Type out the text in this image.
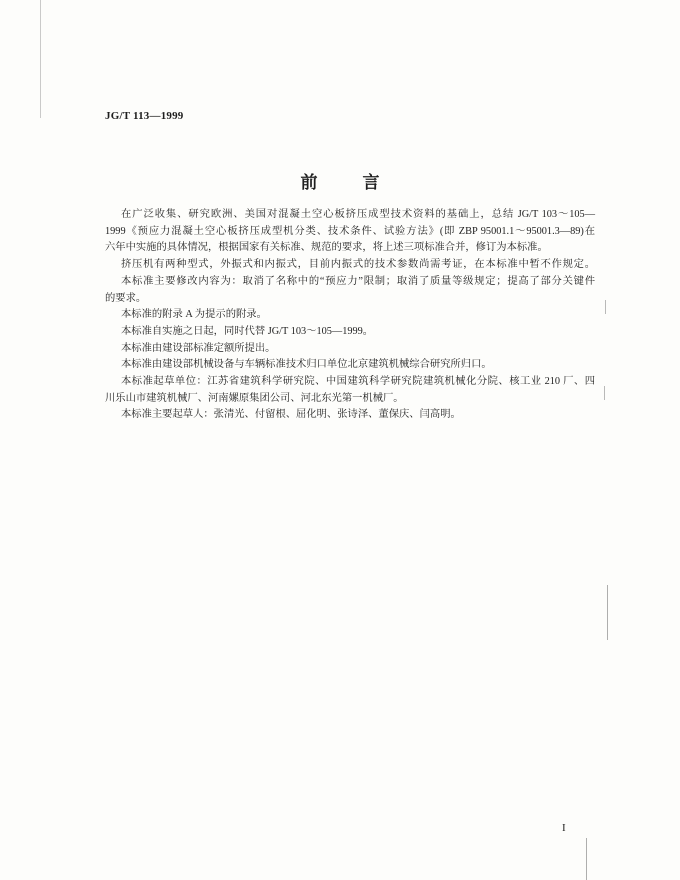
JG/T 113—1999
前　言
在广泛收集、研究欧洲、美国对混凝土空心板挤压成型技术资料的基础上，总结 JG/T 103～105—
1999《预应力混凝土空心板挤压成型机分类、技术条件、试验方法》(即 ZBP 95001.1～95001.3—89)在
六年中实施的具体情况，根据国家有关标准、规范的要求，将上述三项标准合并，修订为本标准。
挤压机有两种型式，外振式和内振式，目前内振式的技术参数尚需考证，在本标准中暂不作规定。
本标准主要修改内容为：取消了名称中的“预应力”限制；取消了质量等级规定；提高了部分关键件
的要求。
本标准的附录 A 为提示的附录。
本标准自实施之日起，同时代替 JG/T 103～105—1999。
本标准由建设部标准定额所提出。
本标准由建设部机械设备与车辆标准技术归口单位北京建筑机械综合研究所归口。
本标准起草单位：江苏省建筑科学研究院、中国建筑科学研究院建筑机械化分院、核工业 210 厂、四
川乐山市建筑机械厂、河南嫘原集团公司、河北东光第一机械厂。
本标准主要起草人：张清光、付留根、屈化明、张诗泽、董保庆、闫高明。
I
